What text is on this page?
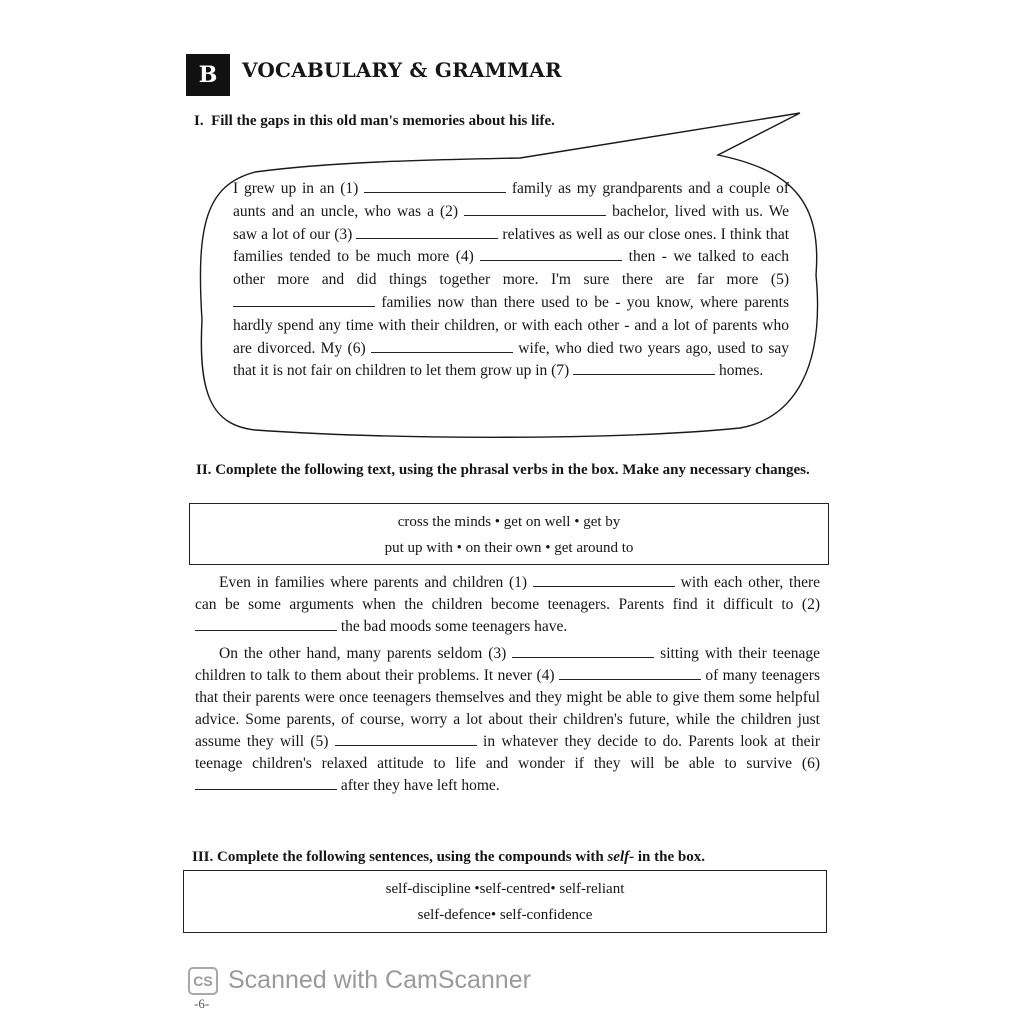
B	VOCABULARY & GRAMMAR
I. Fill the gaps in this old man's memories about his life.
I grew up in an (1)	family as my grandparents and a couple of aunts and an uncle, who was a (2)	bachelor, lived with us. We saw a lot of our (3)	relatives as well as our close ones. I think that families tended to be much more (4)	then - we talked to each other more and did things together more. I'm sure there are far more (5)  families now than there used to be - you know, where parents hardly spend any time with their children, or with each other - and a lot of parents who are divorced. My (6)	wife, who died two years ago, used to say that it is not fair on children to let them grow up in (7)	homes.
II. Complete the following text, using the phrasal verbs in the box. Make any necessary changes.
cross the minds • get on well • get by
put up with • on their own • get around to

Even in families where parents and children (1)	with each other, there can be some arguments when the children become teenagers. Parents find it difficult to (2)  the bad moods some teenagers have.

On the other hand, many parents seldom (3)	sitting with their teenage children to talk to them about their problems. It never (4)	of many teenagers that their parents were once teenagers themselves and they might be able to give them some helpful advice. Some parents, of course, worry a lot about their children's future, while the children just assume they will (5)	in whatever they decide to do. Parents look at their teenage children's relaxed attitude to life and wonder if they will be able to survive (6)  after they have left home.

III. Complete the following sentences, using the compounds with self- in the box.
self-discipline •self-centred• self-reliant
self-defence• self-confidence
CS Scanned with CamScanner
-6-
